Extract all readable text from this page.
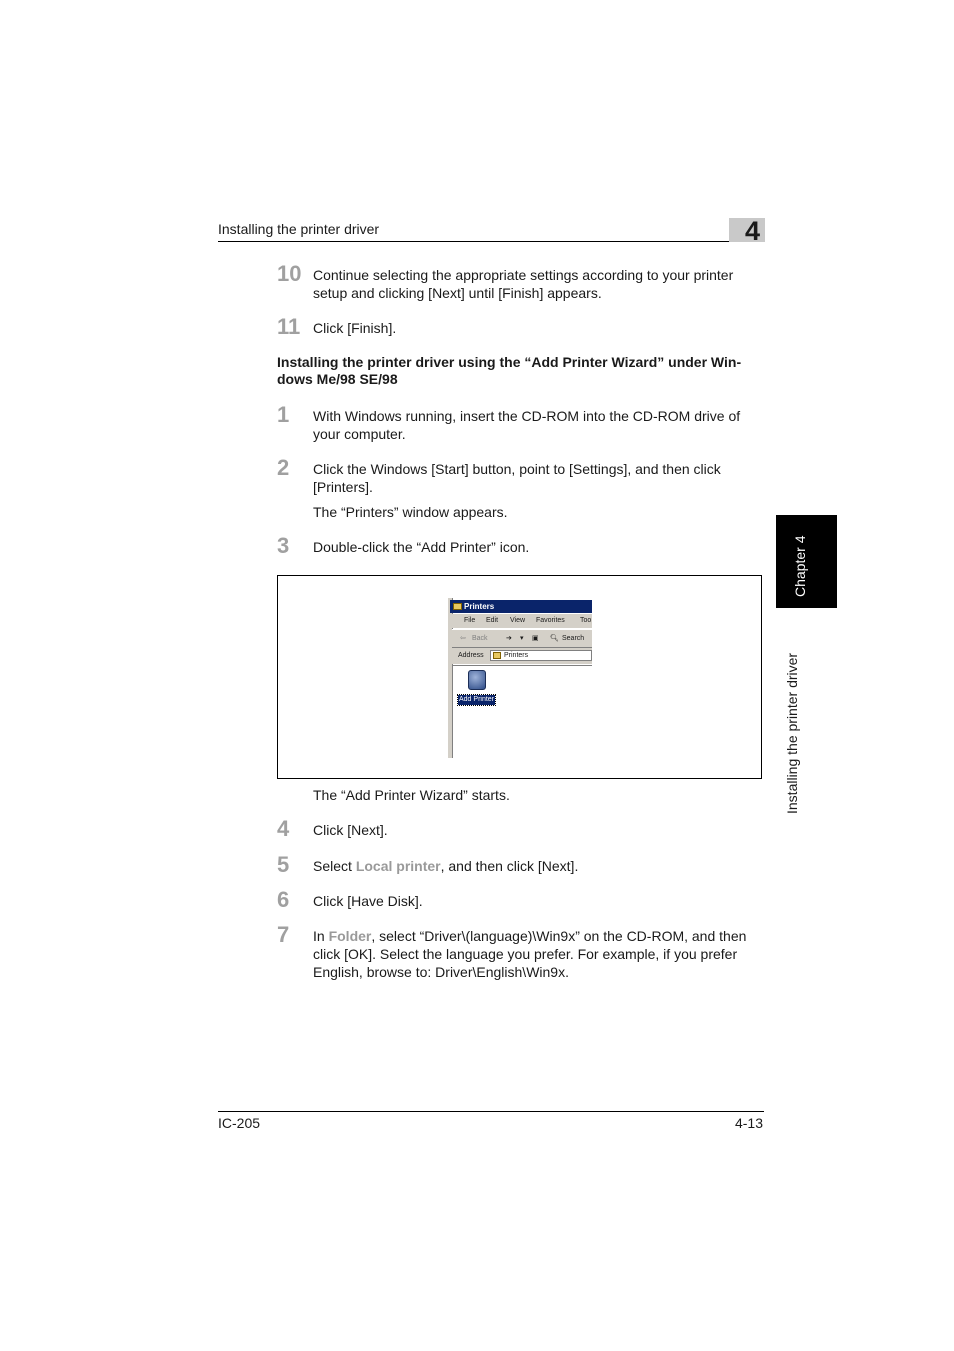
Installing the printer driver	4
10 Continue selecting the appropriate settings according to your printer setup and clicking [Next] until [Finish] appears.
11 Click [Finish].
Installing the printer driver using the “Add Printer Wizard” under Win-dows Me/98 SE/98
1 With Windows running, insert the CD-ROM into the CD-ROM drive of your computer.
2 Click the Windows [Start] button, point to [Settings], and then click [Printers].
The “Printers” window appears.
3 Double-click the “Add Printer” icon.
Printers
File Edit View Favorites Too
⇦ Back	➔ ▾ ▣ 🔍︎ Search
Address	Printers
Add Printer
The “Add Printer Wizard” starts.
4 Click [Next].
5 Select Local printer, and then click [Next].
6 Click [Have Disk].
7 In Folder, select “Driver\(language)\Win9x” on the CD-ROM, and then click [OK]. Select the language you prefer. For example, if you prefer English, browse to: Driver\English\Win9x.
Chapter 4
Installing the printer driver
IC-205	4-13
